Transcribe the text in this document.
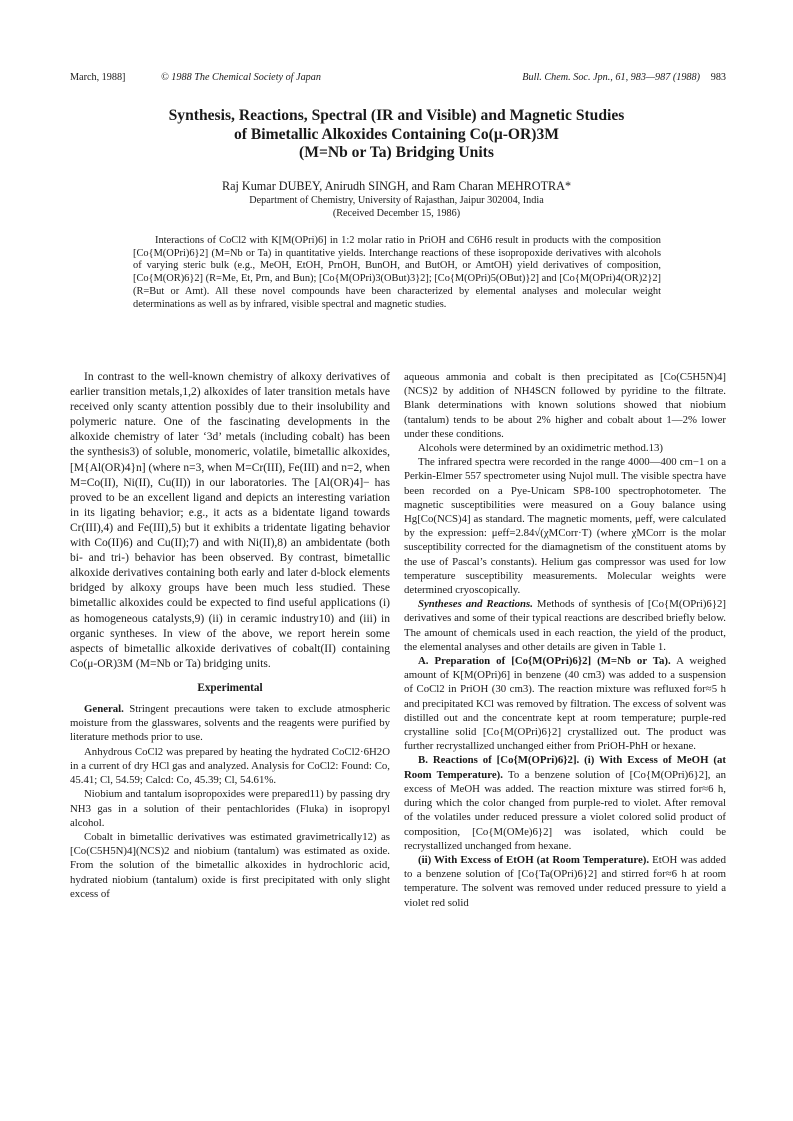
March, 1988]	© 1988 The Chemical Society of Japan	Bull. Chem. Soc. Jpn., 61, 983—987 (1988) 983
Synthesis, Reactions, Spectral (IR and Visible) and Magnetic Studies
of Bimetallic Alkoxides Containing Co(μ-OR)3M
(M=Nb or Ta) Bridging Units
Raj Kumar DUBEY, Anirudh SINGH, and Ram Charan MEHROTRA*
Department of Chemistry, University of Rajasthan, Jaipur 302004, India
(Received December 15, 1986)
Interactions of CoCl2 with K[M(OPri)6] in 1:2 molar ratio in PriOH and C6H6 result in products with the composition [Co{M(OPri)6}2] (M=Nb or Ta) in quantitative yields. Interchange reactions of these isopropoxide derivatives with alcohols of varying steric bulk (e.g., MeOH, EtOH, PrnOH, BunOH, and ButOH, or AmtOH) yield derivatives of composition, [Co{M(OR)6}2] (R=Me, Et, Prn, and Bun); [Co{M(OPri)3(OBut)3}2]; [Co{M(OPri)5(OBut)}2] and [Co{M(OPri)4(OR)2}2] (R=But or Amt). All these novel compounds have been characterized by elemental analyses and molecular weight determinations as well as by infrared, visible spectral and magnetic studies.

In contrast to the well-known chemistry of alkoxy derivatives of earlier transition metals,1,2) alkoxides of later transition metals have received only scanty attention possibly due to their insolubility and polymeric nature. One of the fascinating developments in the alkoxide chemistry of later ‘3d’ metals (including cobalt) has been the synthesis3) of soluble, monomeric, volatile, bimetallic alkoxides, [M{Al(OR)4}n] (where n=3, when M=Cr(III), Fe(III) and n=2, when M=Co(II), Ni(II), Cu(II)) in our laboratories. The [Al(OR)4]− has proved to be an excellent ligand and depicts an interesting variation in its ligating behavior; e.g., it acts as a bidentate ligand towards Cr(III),4) and Fe(III),5) but it exhibits a tridentate ligating behavior with Co(II)6) and Cu(II);7) and with Ni(II),8) an ambidentate (both bi- and tri-) behavior has been observed. By contrast, bimetallic alkoxide derivatives containing both early and later d-block elements bridged by alkoxy groups have been much less studied. These bimetallic alkoxides could be expected to find useful applications (i) as homogeneous catalysts,9) (ii) in ceramic industry10) and (iii) in organic syntheses. In view of the above, we report herein some aspects of bimetallic alkoxide derivatives of cobalt(II) containing Co(μ-OR)3M (M=Nb or Ta) bridging units.

Experimental

General. Stringent precautions were taken to exclude atmospheric moisture from the glasswares, solvents and the reagents were purified by literature methods prior to use.

Anhydrous CoCl2 was prepared by heating the hydrated CoCl2·6H2O in a current of dry HCl gas and analyzed. Analysis for CoCl2: Found: Co, 45.41; Cl, 54.59; Calcd: Co, 45.39; Cl, 54.61%.

Niobium and tantalum isopropoxides were prepared11) by passing dry NH3 gas in a solution of their pentachlorides (Fluka) in isopropyl alcohol.

Cobalt in bimetallic derivatives was estimated gravimetrically12) as [Co(C5H5N)4](NCS)2 and niobium (tantalum) was estimated as oxide. From the solution of the bimetallic alkoxides in hydrochloric acid, hydrated niobium (tantalum) oxide is first precipitated with only slight excess of

aqueous ammonia and cobalt is then precipitated as [Co(C5H5N)4](NCS)2 by addition of NH4SCN followed by pyridine to the filtrate. Blank determinations with known solutions showed that niobium (tantalum) tends to be about 2% higher and cobalt about 1—2% lower under these conditions.

Alcohols were determined by an oxidimetric method.13)

The infrared spectra were recorded in the range 4000—400 cm−1 on a Perkin-Elmer 557 spectrometer using Nujol mull. The visible spectra have been recorded on a Pye-Unicam SP8-100 spectrophotometer. The magnetic susceptibilities were measured on a Gouy balance using Hg[Co(NCS)4] as standard. The magnetic moments, μeff, were calculated by the expression: μeff=2.84√(χMCorr·T) (where χMCorr is the molar susceptibility corrected for the diamagnetism of the constituent atoms by the use of Pascal’s constants). Helium gas compressor was used for low temperature susceptibility measurements. Molecular weights were determined cryoscopically.

Syntheses and Reactions. Methods of synthesis of [Co{M(OPri)6}2] derivatives and some of their typical reactions are described briefly below. The amount of chemicals used in each reaction, the yield of the product, the elemental analyses and other details are given in Table 1.

A. Preparation of [Co{M(OPri)6}2] (M=Nb or Ta). A weighed amount of K[M(OPri)6] in benzene (40 cm3) was added to a suspension of CoCl2 in PriOH (30 cm3). The reaction mixture was refluxed for≈5 h and precipitated KCl was removed by filtration. The excess of solvent was distilled out and the concentrate kept at room temperature; purple-red crystalline solid [Co{M(OPri)6}2] crystallized out. The product was further recrystallized unchanged either from PriOH-PhH or hexane.

B. Reactions of [Co{M(OPri)6}2]. (i) With Excess of MeOH (at Room Temperature). To a benzene solution of [Co{M(OPri)6}2], an excess of MeOH was added. The reaction mixture was stirred for≈6 h, during which the color changed from purple-red to violet. After removal of the volatiles under reduced pressure a violet colored solid product of composition, [Co{M(OMe)6}2] was isolated, which could be recrystallized unchanged from hexane.

(ii) With Excess of EtOH (at Room Temperature). EtOH was added to a benzene solution of [Co{Ta(OPri)6}2] and stirred for≈6 h at room temperature. The solvent was removed under reduced pressure to yield a violet red solid
